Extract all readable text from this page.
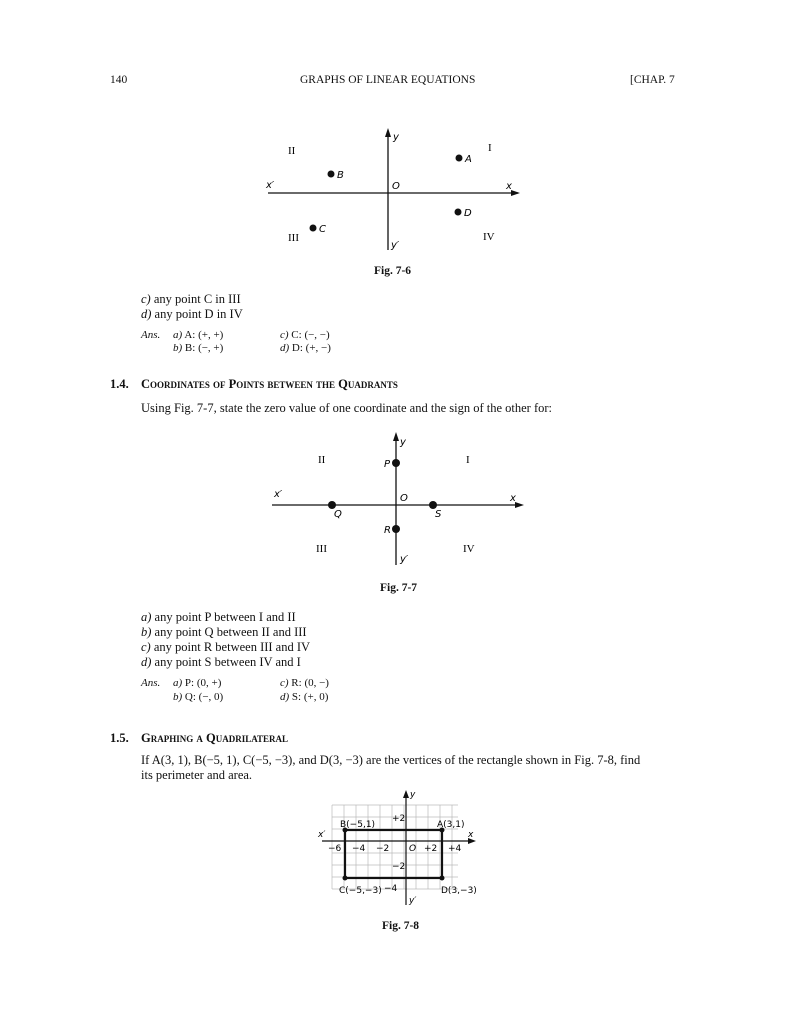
140	GRAPHS OF LINEAR EQUATIONS	[CHAP. 7
II	I
III	IV
x
x′
y
y′
O
A
B
C
D
Fig. 7-6
c) any point C in III
d) any point D in IV
Ans. a) A: (+, +)
b) B: (−, +)
c) C: (−, −)
d) D: (+, −)
1.4. Coordinates of Points between the Quadrants
Using Fig. 7-7, state the zero value of one coordinate and the sign of the other for:
II	I
III	IV
x
x′
y
y′
O
P
Q
R
S
Fig. 7-7
a) any point P between I and II
b) any point Q between II and III
c) any point R between III and IV
d) any point S between IV and I
Ans. a) P: (0, +)
b) Q: (−, 0)
c) R: (0, −)
d) S: (+, 0)
1.5. Graphing a Quadrilateral
If A(3, 1), B(−5, 1), C(−5, −3), and D(3, −3) are the vertices of the rectangle shown in Fig. 7-8, find
its perimeter and area.
B(−5,1)	A(3,1)
C(−5,−3)	D(3,−3)
−6 −4 −2	+2 +4
+2
−2
−4
x
x′
y
y′
O
Fig. 7-8
